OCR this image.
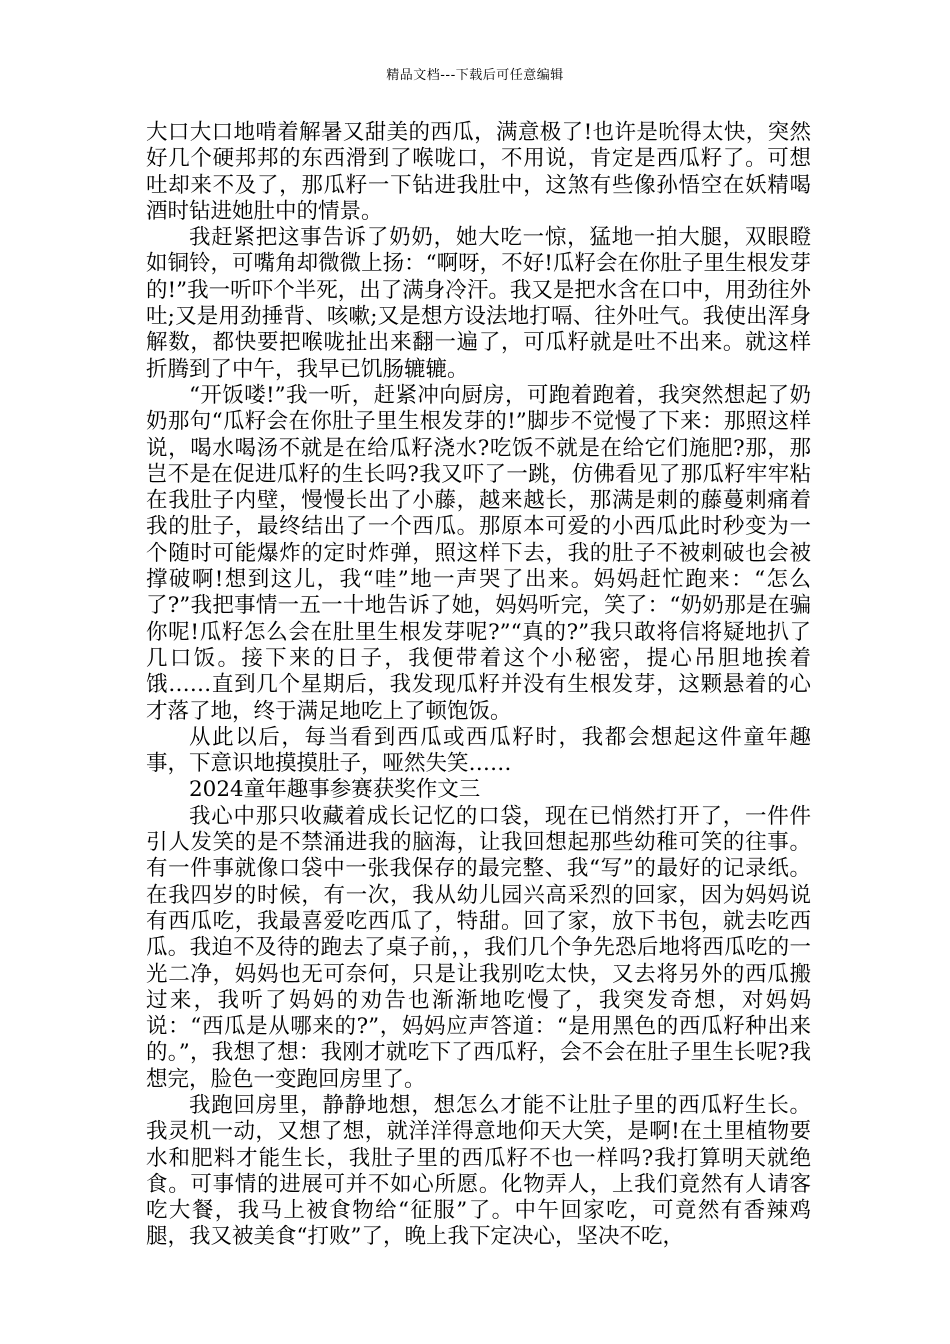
精品文档---下载后可任意编辑

大口大口地啃着解暑又甜美的西瓜，满意极了!也许是吮得太快，突然好几个硬邦邦的东西滑到了喉咙口，不用说，肯定是西瓜籽了。可想吐却来不及了，那瓜籽一下钻进我肚中，这煞有些像孙悟空在妖精喝酒时钻进她肚中的情景。

我赶紧把这事告诉了奶奶，她大吃一惊，猛地一拍大腿，双眼瞪如铜铃，可嘴角却微微上扬：“啊呀，不好!瓜籽会在你肚子里生根发芽的!”我一听吓个半死，出了满身冷汗。我又是把水含在口中，用劲往外吐;又是用劲捶背、咳嗽;又是想方设法地打嗝、往外吐气。我使出浑身解数，都快要把喉咙扯出来翻一遍了，可瓜籽就是吐不出来。就这样折腾到了中午，我早已饥肠辘辘。

“开饭喽!”我一听，赶紧冲向厨房，可跑着跑着，我突然想起了奶奶那句“瓜籽会在你肚子里生根发芽的!”脚步不觉慢了下来：那照这样说，喝水喝汤不就是在给瓜籽浇水?吃饭不就是在给它们施肥?那，那岂不是在促进瓜籽的生长吗?我又吓了一跳，仿佛看见了那瓜籽牢牢粘在我肚子内壁，慢慢长出了小藤，越来越长，那满是刺的藤蔓刺痛着我的肚子，最终结出了一个西瓜。那原本可爱的小西瓜此时秒变为一个随时可能爆炸的定时炸弹，照这样下去，我的肚子不被刺破也会被撑破啊!想到这儿，我“哇”地一声哭了出来。妈妈赶忙跑来：“怎么了?”我把事情一五一十地告诉了她，妈妈听完，笑了：“奶奶那是在骗你呢!瓜籽怎么会在肚里生根发芽呢?”“真的?”我只敢将信将疑地扒了几口饭。接下来的日子，我便带着这个小秘密，提心吊胆地挨着饿……直到几个星期后，我发现瓜籽并没有生根发芽，这颗悬着的心才落了地，终于满足地吃上了顿饱饭。

从此以后，每当看到西瓜或西瓜籽时，我都会想起这件童年趣事，下意识地摸摸肚子，哑然失笑……

2024童年趣事参赛获奖作文三

我心中那只收藏着成长记忆的口袋，现在已悄然打开了，一件件引人发笑的是不禁涌进我的脑海，让我回想起那些幼稚可笑的往事。有一件事就像口袋中一张我保存的最完整、我“写”的最好的记录纸。在我四岁的时候，有一次，我从幼儿园兴高采烈的回家，因为妈妈说有西瓜吃，我最喜爱吃西瓜了，特甜。回了家，放下书包，就去吃西瓜。我迫不及待的跑去了桌子前，，我们几个争先恐后地将西瓜吃的一光二净，妈妈也无可奈何，只是让我别吃太快，又去将另外的西瓜搬过来，我听了妈妈的劝告也渐渐地吃慢了，我突发奇想，对妈妈说：“西瓜是从哪来的?”，妈妈应声答道：“是用黑色的西瓜籽种出来的。”，我想了想：我刚才就吃下了西瓜籽，会不会在肚子里生长呢?我想完，脸色一变跑回房里了。

我跑回房里，静静地想，想怎么才能不让肚子里的西瓜籽生长。我灵机一动，又想了想，就洋洋得意地仰天大笑，是啊!在土里植物要水和肥料才能生长，我肚子里的西瓜籽不也一样吗?我打算明天就绝食。可事情的进展可并不如心所愿。化物弄人，上我们竟然有人请客吃大餐，我马上被食物给“征服”了。中午回家吃，可竟然有香辣鸡腿，我又被美食“打败”了，晚上我下定决心，坚决不吃，
